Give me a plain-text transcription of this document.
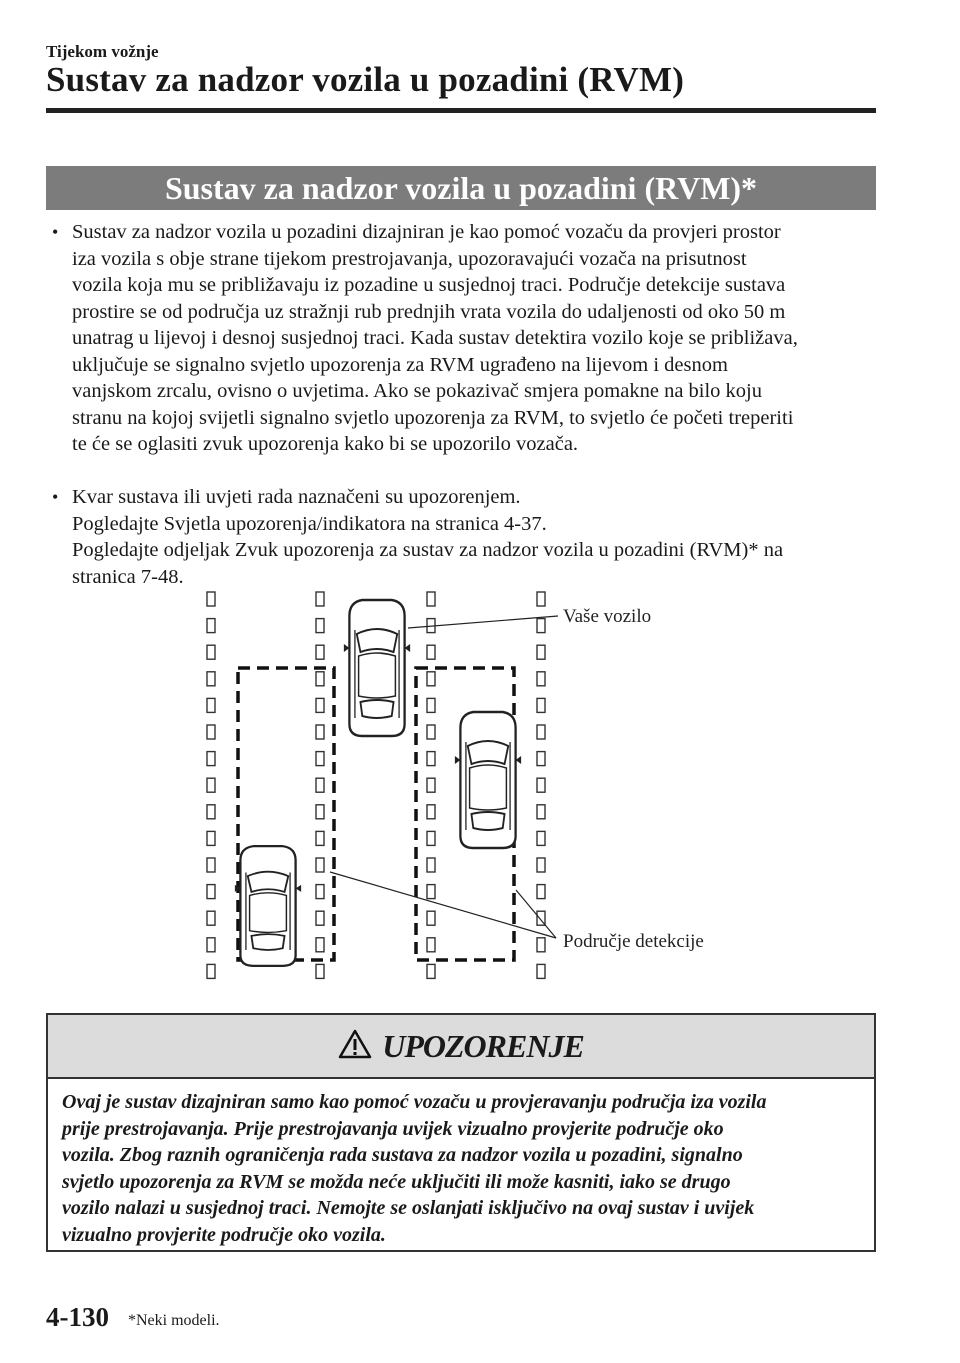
Tijekom vožnje
Sustav za nadzor vozila u pozadini (RVM)
Sustav za nadzor vozila u pozadini (RVM)*
• Sustav za nadzor vozila u pozadini dizajniran je kao pomoć vozaču da provjeri prostor
iza vozila s obje strane tijekom prestrojavanja, upozoravajući vozača na prisutnost
vozila koja mu se približavaju iz pozadine u susjednoj traci. Područje detekcije sustava
prostire se od područja uz stražnji rub prednjih vrata vozila do udaljenosti od oko 50 m
unatrag u lijevoj i desnoj susjednoj traci. Kada sustav detektira vozilo koje se približava,
uključuje se signalno svjetlo upozorenja za RVM ugrađeno na lijevom i desnom
vanjskom zrcalu, ovisno o uvjetima. Ako se pokazivač smjera pomakne na bilo koju
stranu na kojoj svijetli signalno svjetlo upozorenja za RVM, to svjetlo će početi treperiti
te će se oglasiti zvuk upozorenja kako bi se upozorilo vozača.
• Kvar sustava ili uvjeti rada naznačeni su upozorenjem.
Pogledajte Svjetla upozorenja/indikatora na stranica 4-37.
Pogledajte odjeljak Zvuk upozorenja za sustav za nadzor vozila u pozadini (RVM)* na
stranica 7-48.
Vaše vozilo
Područje detekcije
UPOZORENJE
Ovaj je sustav dizajniran samo kao pomoć vozaču u provjeravanju područja iza vozila
prije prestrojavanja. Prije prestrojavanja uvijek vizualno provjerite područje oko
vozila. Zbog raznih ograničenja rada sustava za nadzor vozila u pozadini, signalno
svjetlo upozorenja za RVM se možda neće uključiti ili može kasniti, iako se drugo
vozilo nalazi u susjednoj traci. Nemojte se oslanjati isključivo na ovaj sustav i uvijek
vizualno provjerite područje oko vozila.
4-130 *Neki modeli.
